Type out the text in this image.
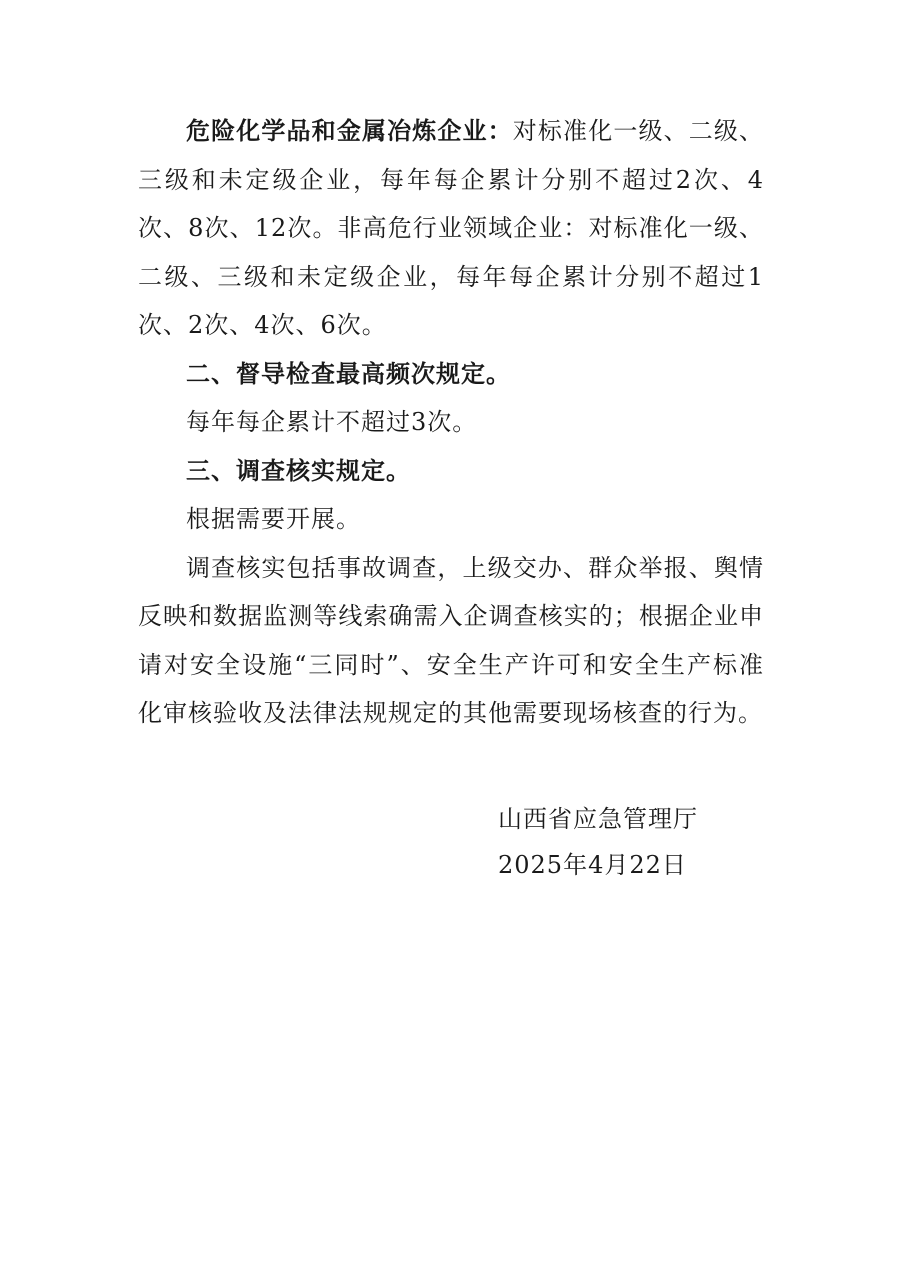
危险化学品和金属冶炼企业：对标准化一级、二级、三级和未定级企业，每年每企累计分别不超过2次、4次、8次、12次。非高危行业领域企业：对标准化一级、二级、三级和未定级企业，每年每企累计分别不超过1次、2次、4次、6次。

二、督导检查最高频次规定。

每年每企累计不超过3次。

三、调查核实规定。

根据需要开展。

调查核实包括事故调查，上级交办、群众举报、舆情反映和数据监测等线索确需入企调查核实的；根据企业申请对安全设施“三同时”、安全生产许可和安全生产标准化审核验收及法律法规规定的其他需要现场核查的行为。

山西省应急管理厅
2025年4月22日
